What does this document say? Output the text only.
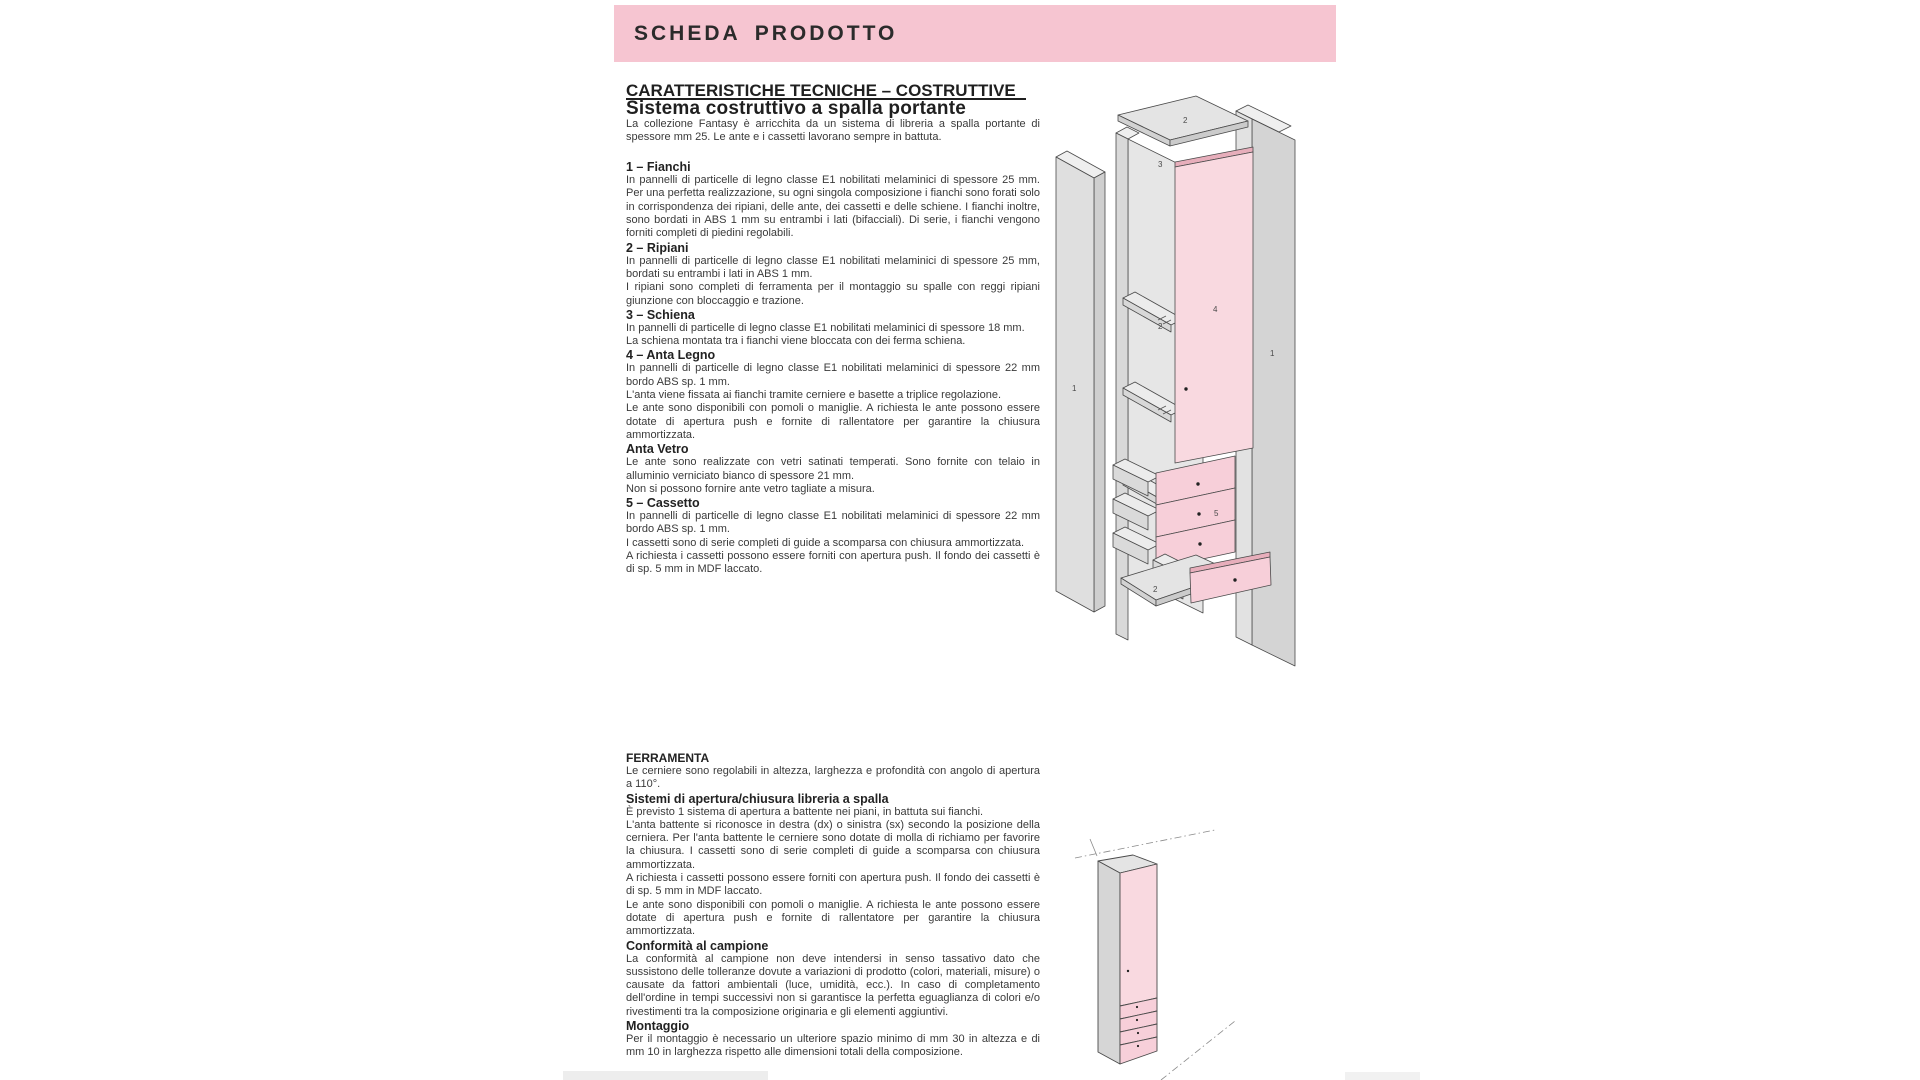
SCHEDA PRODOTTO
CARATTERISTICHE TECNICHE – COSTRUTTIVE
Sistema costruttivo a spalla portante

La collezione Fantasy è arricchita da un sistema di libreria a spalla portante di spessore mm 25. Le ante e i cassetti lavorano sempre in battuta.

1 – Fianchi

In pannelli di particelle di legno classe E1 nobilitati melaminici di spessore 25 mm. Per una perfetta realizzazione, su ogni singola composizione i fianchi sono forati solo in corrispondenza dei ripiani, delle ante, dei cassetti e delle schiene. I fianchi inoltre, sono bordati in ABS 1 mm su entrambi i lati (bifacciali). Di serie, i fianchi vengono forniti completi di piedini regolabili.

2 – Ripiani

In pannelli di particelle di legno classe E1 nobilitati melaminici di spessore 25 mm, bordati su entrambi i lati in ABS 1 mm.

I ripiani sono completi di ferramenta per il montaggio su spalle con reggi ripiani giunzione con bloccaggio e trazione.

3 – Schiena

In pannelli di particelle di legno classe E1 nobilitati melaminici di spessore 18 mm.

La schiena montata tra i fianchi viene bloccata con dei ferma schiena.

4 – Anta Legno

In pannelli di particelle di legno classe E1 nobilitati melaminici di spessore 22 mm bordo ABS sp. 1 mm.

L'anta viene fissata ai fianchi tramite cerniere e basette a triplice regolazione.

Le ante sono disponibili con pomoli o maniglie. A richiesta le ante possono essere dotate di apertura push e fornite di rallentatore per garantire la chiusura ammortizzata.

Anta Vetro

Le ante sono realizzate con vetri satinati temperati. Sono fornite con telaio in alluminio verniciato bianco di spessore 21 mm.

Non si possono fornire ante vetro tagliate a misura.

5 – Cassetto

In pannelli di particelle di legno classe E1 nobilitati melaminici di spessore 22 mm bordo ABS sp. 1 mm.

I cassetti sono di serie completi di guide a scomparsa con chiusura ammortizzata.

A richiesta i cassetti possono essere forniti con apertura push. Il fondo dei cassetti è di sp. 5 mm in MDF laccato.

FERRAMENTA

Le cerniere sono regolabili in altezza, larghezza e profondità con angolo di apertura a 110°.

Sistemi di apertura/chiusura libreria a spalla

È previsto 1 sistema di apertura a battente nei piani, in battuta sui fianchi.

L'anta battente si riconosce in destra (dx) o sinistra (sx) secondo la posizione della cerniera. Per l'anta battente le cerniere sono dotate di molla di richiamo per favorire la chiusura. I cassetti sono di serie completi di guide a scomparsa con chiusura ammortizzata.

A richiesta i cassetti possono essere forniti con apertura push. Il fondo dei cassetti è di sp. 5 mm in MDF laccato.

Le ante sono disponibili con pomoli o maniglie. A richiesta le ante possono essere dotate di apertura push e fornite di rallentatore per garantire la chiusura ammortizzata.

Conformità al campione

La conformità al campione non deve intendersi in senso tassativo dato che sussistono delle tolleranze dovute a variazioni di prodotto (colori, materiali, misure) o causate da fattori ambientali (luce, umidità, ecc.). In caso di completamento dell'ordine in tempi successivi non si garantisce la perfetta eguaglianza di colori e/o rivestimenti tra la composizione originaria e gli elementi aggiuntivi.

Montaggio

Per il montaggio è necessario un ulteriore spazio minimo di mm 30 in altezza e di mm 10 in larghezza rispetto alle dimensioni totali della composizione.

2
3
2
4
1
1
5
2
